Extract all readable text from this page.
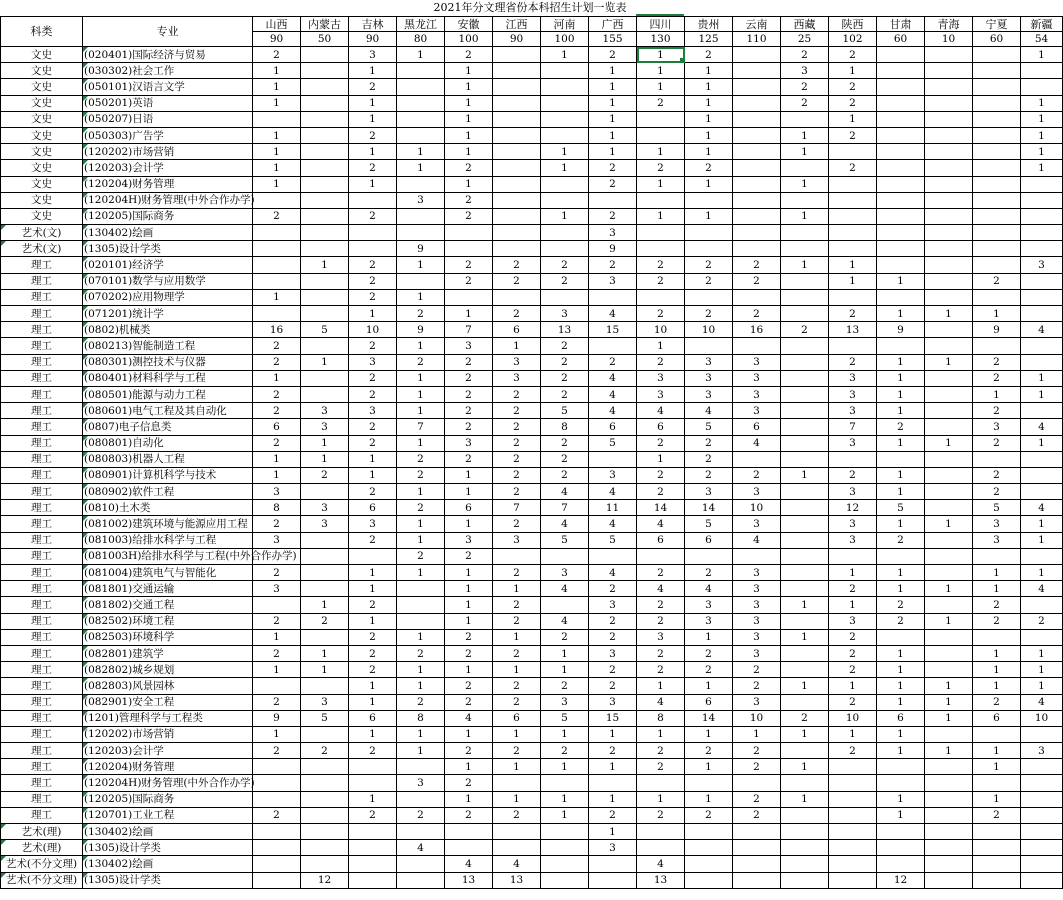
2021年分文理省份本科招生计划一览表
科类	专业	山西	内蒙古	吉林	黑龙江	安徽	江西	河南	广西	四川	贵州	云南	西藏	陕西	甘肃	青海	宁夏	新疆
		90	50	90	80	100	90	100	155	130	125	110	25	102	60	10	60	54
文史	(020401)国际经济与贸易	2		3	1	2		1	2	1	2		2	2				1
文史	(030302)社会工作	1		1		1			1	1	1		3	1				
文史	(050101)汉语言文学	1		2		1			1	1	1		2	2				
文史	(050201)英语	1		1		1			1	2	1		2	2				1
文史	(050207)日语			1		1			1		1			1				1
文史	(050303)广告学	1		2		1			1		1		1	2				1
文史	(120202)市场营销	1		1	1	1		1	1	1	1		1					1
文史	(120203)会计学	1		2	1	2		1	2	2	2			2				1
文史	(120204)财务管理	1		1		1			2	1	1		1					
文史	(120204H)财务管理(中外合作办学)				3	2												
文史	(120205)国际商务	2		2		2		1	2	1	1		1					

艺术(文)	(130402)绘画								3									

艺术(文)	(1305)设计学类				9				9									
理工	(020101)经济学		1	2	1	2	2	2	2	2	2	2	1	1				3
理工	(070101)数学与应用数学			2		2	2	2	3	2	2	2		1	1		2	
理工	(070202)应用物理学	1		2	1													
理工	(071201)统计学			1	2	1	2	3	4	2	2	2		2	1	1	1	
理工	(0802)机械类	16	5	10	9	7	6	13	15	10	10	16	2	13	9		9	4
理工	(080213)智能制造工程	2		2	1	3	1	2		1								
理工	(080301)测控技术与仪器	2	1	3	2	2	3	2	2	2	3	3		2	1	1	2	
理工	(080401)材料科学与工程	1		2	1	2	3	2	4	3	3	3		3	1		2	1
理工	(080501)能源与动力工程	2		2	1	2	2	2	4	3	3	3		3	1		1	1
理工	(080601)电气工程及其自动化	2	3	3	1	2	2	5	4	4	4	3		3	1		2	
理工	(0807)电子信息类	6	3	2	7	2	2	8	6	6	5	6		7	2		3	4
理工	(080801)自动化	2	1	2	1	3	2	2	5	2	2	4		3	1	1	2	1
理工	(080803)机器人工程	1	1	1	2	2	2	2		1	2							
理工	(080901)计算机科学与技术	1	2	1	2	1	2	2	3	2	2	2	1	2	1		2	
理工	(080902)软件工程	3		2	1	1	2	4	4	2	3	3		3	1		2	
理工	(0810)土木类	8	3	6	2	6	7	7	11	14	14	10		12	5		5	4
理工	(081002)建筑环境与能源应用工程	2	3	3	1	1	2	4	4	4	5	3		3	1	1	3	1
理工	(081003)给排水科学与工程	3		2	1	3	3	5	5	6	6	4		3	2		3	1
理工	(081003H)给排水科学与工程(中外合作办学)				2	2												
理工	(081004)建筑电气与智能化	2		1	1	1	2	3	4	2	2	3		1	1		1	1
理工	(081801)交通运输	3		1		1	1	4	2	4	4	3		2	1	1	1	4
理工	(081802)交通工程		1	2		1	2		3	2	3	3	1	1	2		2	
理工	(082502)环境工程	2	2	1		1	2	4	2	2	3	3		3	2	1	2	2
理工	(082503)环境科学	1		2	1	2	1	2	2	3	1	3	1	2				
理工	(082801)建筑学	2	1	2	2	2	2	1	3	2	2	3		2	1		1	1
理工	(082802)城乡规划	1	1	2	1	1	1	1	2	2	2	2		2	1		1	1
理工	(082803)风景园林			1	1	2	2	2	2	1	1	2	1	1	1	1	1	1
理工	(082901)安全工程	2	3	1	2	2	2	3	3	4	6	3		2	1	1	2	4
理工	(1201)管理科学与工程类	9	5	6	8	4	6	5	15	8	14	10	2	10	6	1	6	10
理工	(120202)市场营销	1		1	1	1	1	1	1	1	1	1	1	1	1			
理工	(120203)会计学	2	2	2	1	2	2	2	2	2	2	2		2	1	1	1	3
理工	(120204)财务管理					1	1	1	1	2	1	2	1				1	
理工	(120204H)财务管理(中外合作办学)				3	2												
理工	(120205)国际商务			1		1	1	1	1	1	1	2	1		1		1	
理工	(120701)工业工程	2		2	2	2	2	1	2	2	2	2			1		2	

艺术(理)	(130402)绘画								1									

艺术(理)	(1305)设计学类				4				3									

艺术(不分文理)	(130402)绘画					4	4			4								

艺术(不分文理)	(1305)设计学类		12			13	13			13					12			
